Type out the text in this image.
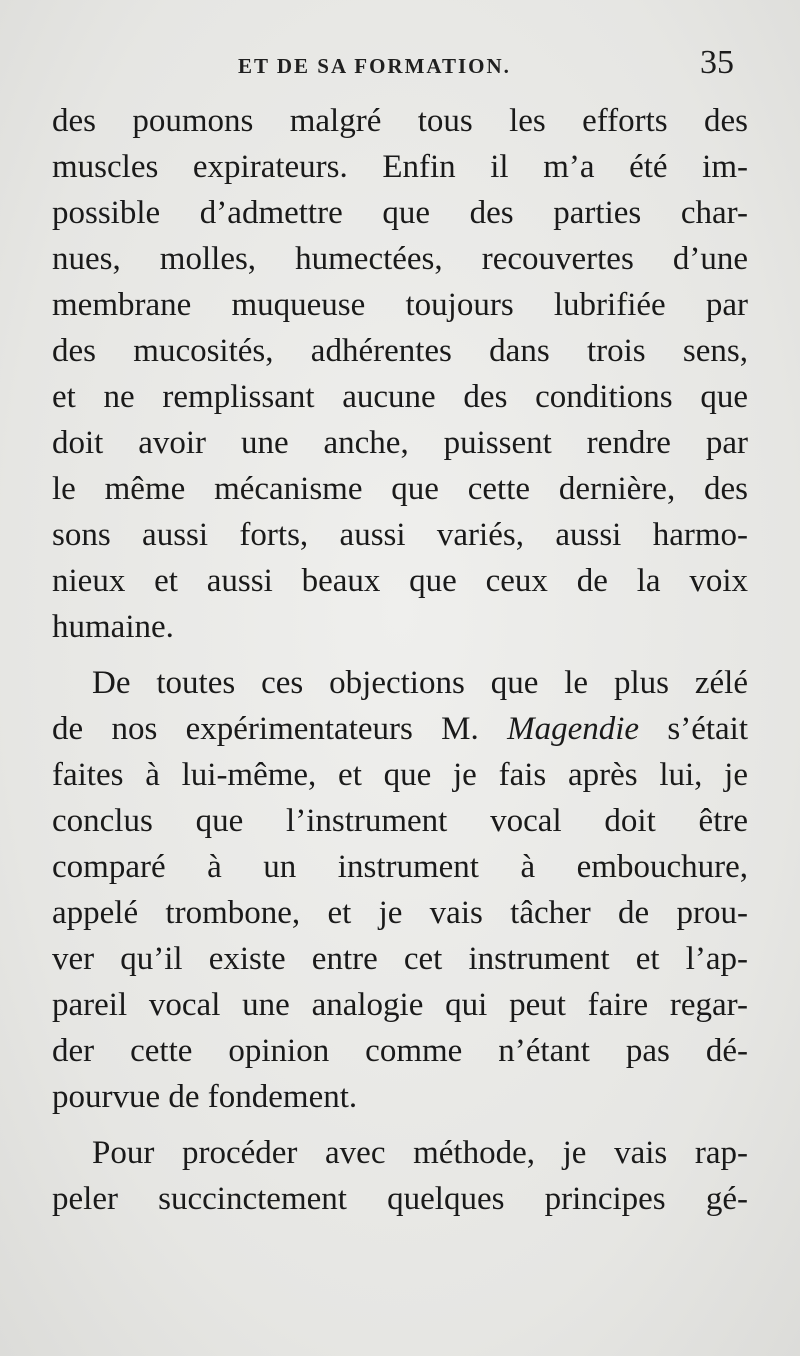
ET DE SA FORMATION.	35
des poumons malgré tous les efforts des
muscles expirateurs. Enfin il m’a été im-
possible d’admettre que des parties char-
nues, molles, humectées, recouvertes d’une
membrane muqueuse toujours lubrifiée par
des mucosités, adhérentes dans trois sens,
et ne remplissant aucune des conditions que
doit avoir une anche, puissent rendre par
le même mécanisme que cette dernière, des
sons aussi forts, aussi variés, aussi harmo-
nieux et aussi beaux que ceux de la voix
humaine.
De toutes ces objections que le plus zélé
de nos expérimentateurs M. Magendie s’était
faites à lui-même, et que je fais après lui, je
conclus que l’instrument vocal doit être
comparé à un instrument à embouchure,
appelé trombone, et je vais tâcher de prou-
ver qu’il existe entre cet instrument et l’ap-
pareil vocal une analogie qui peut faire regar-
der cette opinion comme n’étant pas dé-
pourvue de fondement.
Pour procéder avec méthode, je vais rap-
peler succinctement quelques principes gé-
